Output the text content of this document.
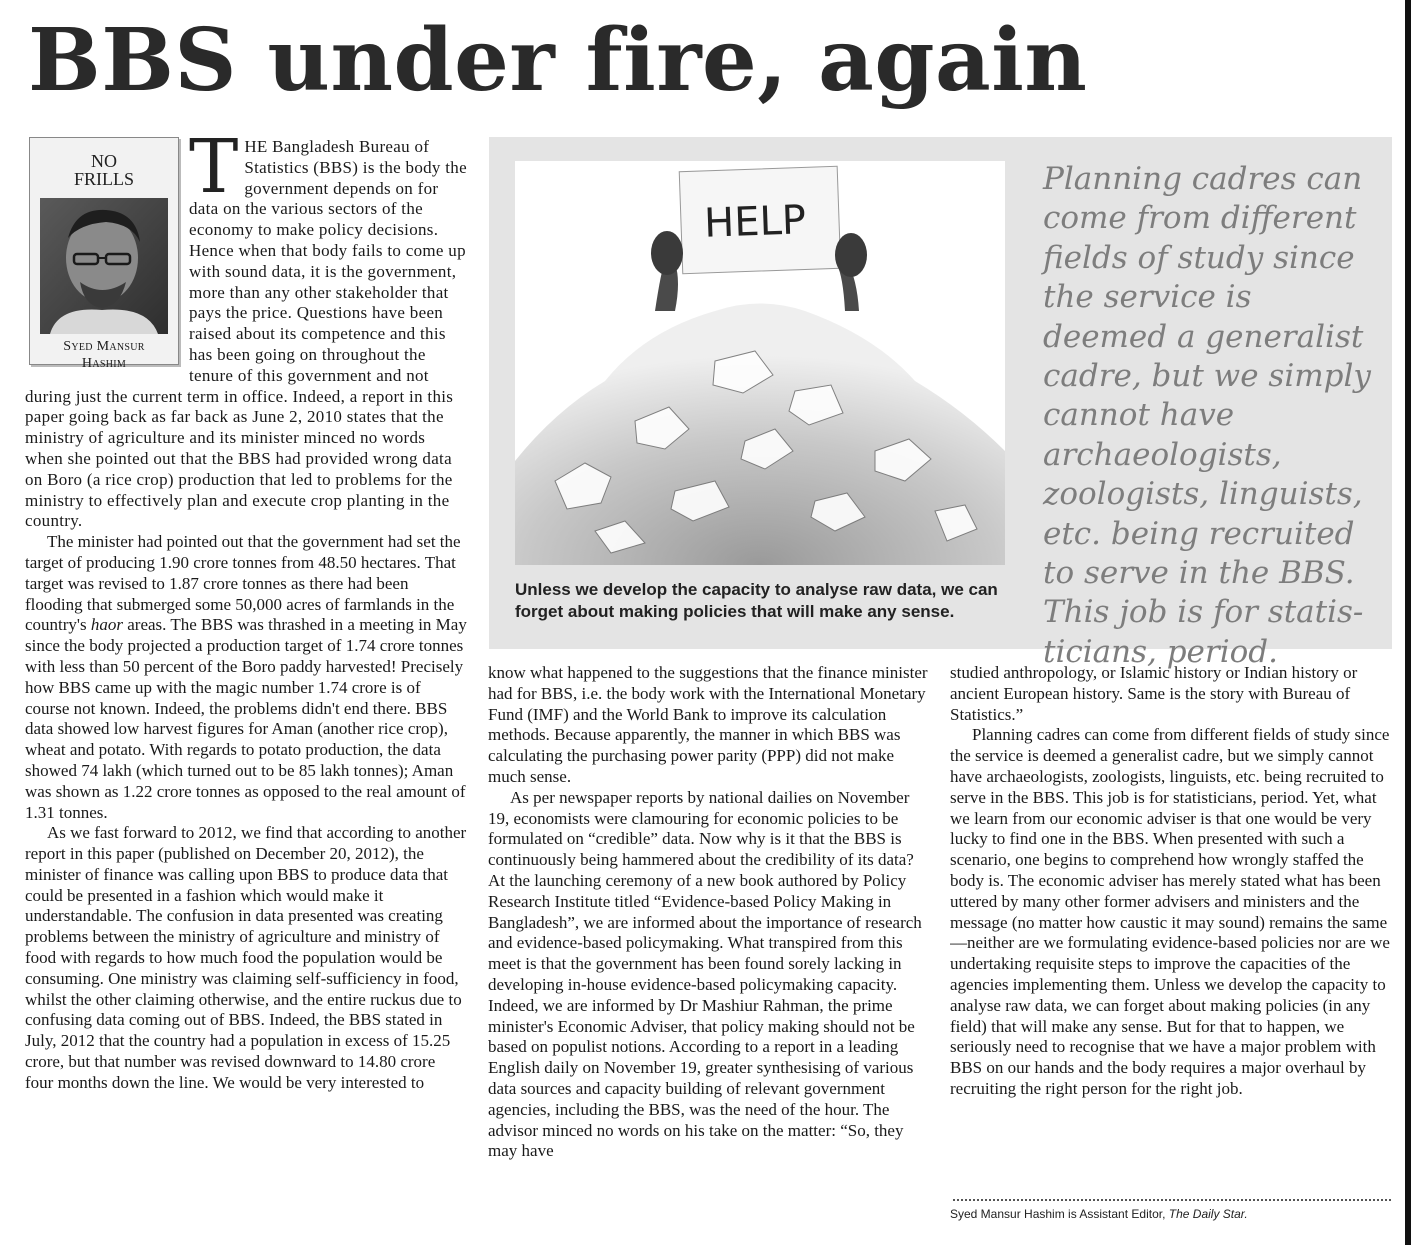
BBS under fire, again
NO
FRILLS
Syed Mansur
Hashim

THE Bangladesh Bureau of Statistics (BBS) is the body the government depends on for data on the various sectors of the economy to make policy decisions. Hence when that body fails to come up with sound data, it is the government, more than any other stakeholder that pays the price. Questions have been raised about its competence and this has been going on throughout the tenure of this government and not during just the current term in office. Indeed, a report in this paper going back as far back as June 2, 2010 states that the ministry of agriculture and its minister minced no words when she pointed out that the BBS had provided wrong data on Boro (a rice crop) production that led to problems for the ministry to effectively plan and execute crop planting in the country.

The minister had pointed out that the government had set the target of producing 1.90 crore tonnes from 48.50 hectares. That target was revised to 1.87 crore tonnes as there had been flooding that submerged some 50,000 acres of farmlands in the country's haor areas. The BBS was thrashed in a meeting in May since the body projected a production target of 1.74 crore tonnes with less than 50 percent of the Boro paddy harvested! Precisely how BBS came up with the magic number 1.74 crore is of course not known. Indeed, the problems didn't end there. BBS data showed low harvest figures for Aman (another rice crop), wheat and potato. With regards to potato production, the data showed 74 lakh (which turned out to be 85 lakh tonnes); Aman was shown as 1.22 crore tonnes as opposed to the real amount of 1.31 tonnes.

As we fast forward to 2012, we find that according to another report in this paper (published on December 20, 2012), the minister of finance was calling upon BBS to produce data that could be presented in a fashion which would make it understandable. The confusion in data presented was creating problems between the ministry of agriculture and ministry of food with regards to how much food the population would be consuming. One ministry was claiming self-sufficiency in food, whilst the other claiming otherwise, and the entire ruckus due to confusing data coming out of BBS. Indeed, the BBS stated in July, 2012 that the country had a population in excess of 15.25 crore, but that number was revised downward to 14.80 crore four months down the line. We would be very interested to

HELP
Unless we develop the capacity to analyse raw data, we can forget about making policies that will make any sense.
Planning cadres can come from different fields of study since the service is deemed a generalist cadre, but we simply cannot have archaeologists, zoologists, linguists, etc. being recruited to serve in the BBS. This job is for statis-ticians, period.

know what happened to the suggestions that the finance minister had for BBS, i.e. the body work with the International Monetary Fund (IMF) and the World Bank to improve its calculation methods. Because apparently, the manner in which BBS was calculating the purchasing power parity (PPP) did not make much sense.

As per newspaper reports by national dailies on November 19, economists were clamouring for economic policies to be formulated on “credible” data. Now why is it that the BBS is continuously being hammered about the credibility of its data? At the launching ceremony of a new book authored by Policy Research Institute titled “Evidence-based Policy Making in Bangladesh”, we are informed about the importance of research and evidence-based policymaking. What transpired from this meet is that the government has been found sorely lacking in developing in-house evidence-based policymaking capacity. Indeed, we are informed by Dr Mashiur Rahman, the prime minister's Economic Adviser, that policy making should not be based on populist notions. According to a report in a leading English daily on November 19, greater synthesising of various data sources and capacity building of relevant government agencies, including the BBS, was the need of the hour. The advisor minced no words on his take on the matter: “So, they may have

studied anthropology, or Islamic history or Indian history or ancient European history. Same is the story with Bureau of Statistics.”

Planning cadres can come from different fields of study since the service is deemed a generalist cadre, but we simply cannot have archaeologists, zoologists, linguists, etc. being recruited to serve in the BBS. This job is for statisticians, period. Yet, what we learn from our economic adviser is that one would be very lucky to find one in the BBS. When presented with such a scenario, one begins to comprehend how wrongly staffed the body is. The economic adviser has merely stated what has been uttered by many other former advisers and ministers and the message (no matter how caustic it may sound) remains the same—neither are we formulating evidence-based policies nor are we undertaking requisite steps to improve the capacities of the agencies implementing them. Unless we develop the capacity to analyse raw data, we can forget about making policies (in any field) that will make any sense. But for that to happen, we seriously need to recognise that we have a major problem with BBS on our hands and the body requires a major overhaul by recruiting the right person for the right job.

Syed Mansur Hashim is Assistant Editor, The Daily Star.
